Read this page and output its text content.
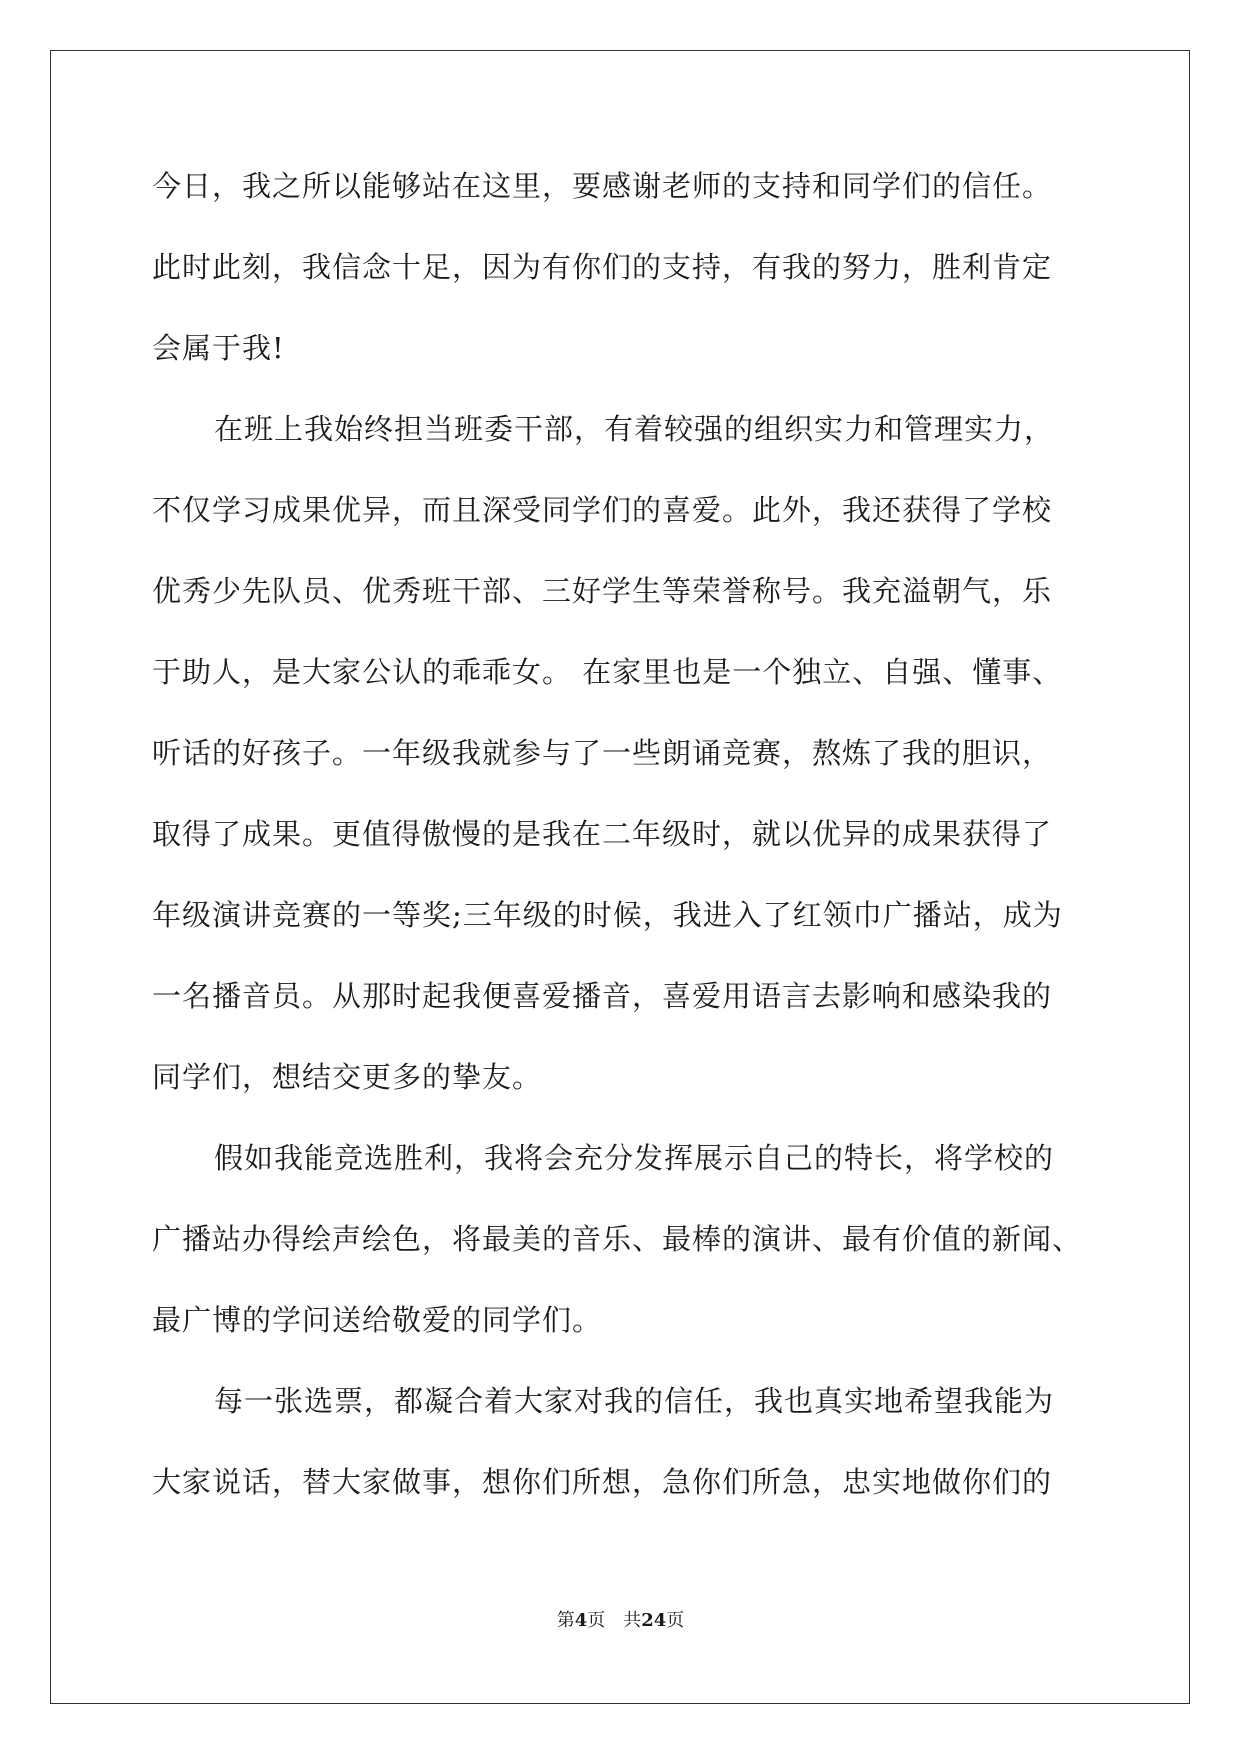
今日，我之所以能够站在这里，要感谢老师的支持和同学们的信任。
此时此刻，我信念十足，因为有你们的支持，有我的努力，胜利肯定
会属于我!
在班上我始终担当班委干部，有着较强的组织实力和管理实力，
不仅学习成果优异，而且深受同学们的喜爱。此外，我还获得了学校
优秀少先队员、优秀班干部、三好学生等荣誉称号。我充溢朝气，乐
于助人，是大家公认的乖乖女。 在家里也是一个独立、自强、懂事、
听话的好孩子。一年级我就参与了一些朗诵竞赛，熬炼了我的胆识，
取得了成果。更值得傲慢的是我在二年级时，就以优异的成果获得了
年级演讲竞赛的一等奖;三年级的时候，我进入了红领巾广播站，成为
一名播音员。从那时起我便喜爱播音，喜爱用语言去影响和感染我的
同学们，想结交更多的挚友。
假如我能竞选胜利，我将会充分发挥展示自己的特长，将学校的
广播站办得绘声绘色，将最美的音乐、最棒的演讲、最有价值的新闻、
最广博的学问送给敬爱的同学们。
每一张选票，都凝合着大家对我的信任，我也真实地希望我能为
大家说话，替大家做事，想你们所想，急你们所急，忠实地做你们的
第4页 共24页
